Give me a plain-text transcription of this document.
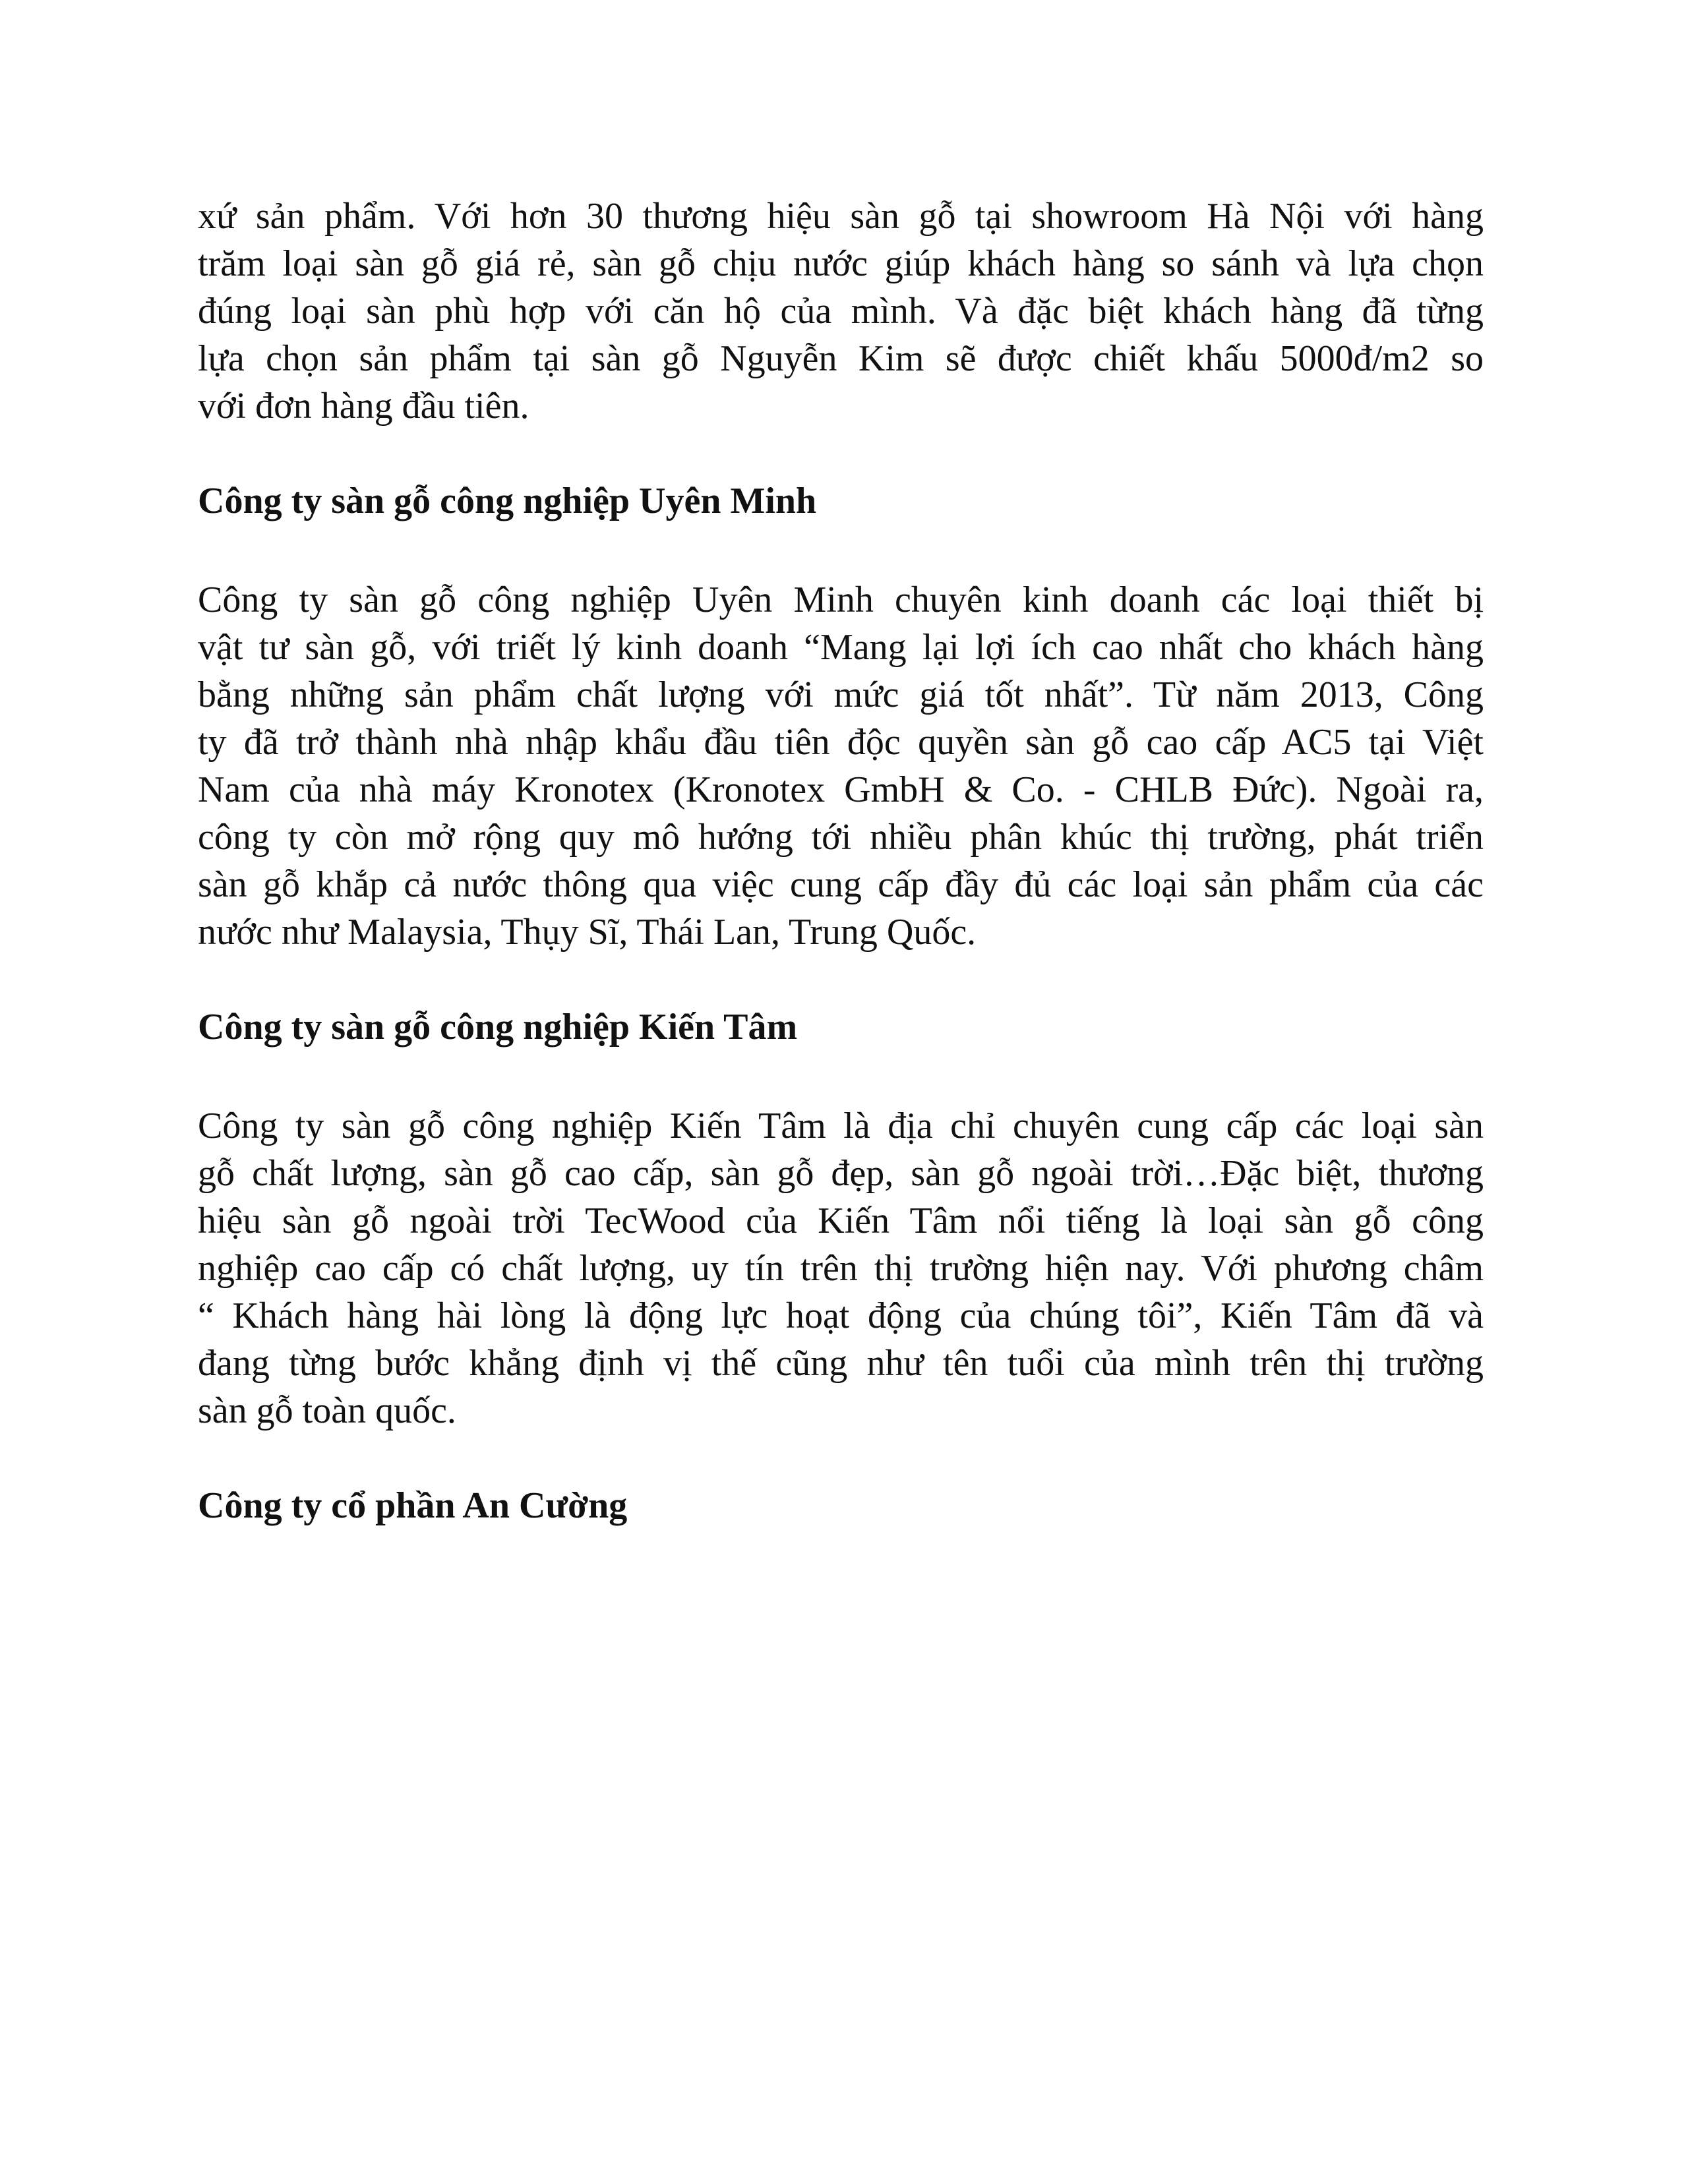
xứ sản phẩm. Với hơn 30 thương hiệu sàn gỗ tại showroom Hà Nội với hàng
trăm loại sàn gỗ giá rẻ, sàn gỗ chịu nước giúp khách hàng so sánh và lựa chọn
đúng loại sàn phù hợp với căn hộ của mình. Và đặc biệt khách hàng đã từng
lựa chọn sản phẩm tại sàn gỗ Nguyễn Kim sẽ được chiết khấu 5000đ/m2 so
với đơn hàng đầu tiên.
Công ty sàn gỗ công nghiệp Uyên Minh
Công ty sàn gỗ công nghiệp Uyên Minh chuyên kinh doanh các loại thiết bị
vật tư sàn gỗ, với triết lý kinh doanh “Mang lại lợi ích cao nhất cho khách hàng
bằng những sản phẩm chất lượng với mức giá tốt nhất”. Từ năm 2013, Công
ty đã trở thành nhà nhập khẩu đầu tiên độc quyền sàn gỗ cao cấp AC5 tại Việt
Nam của nhà máy Kronotex (Kronotex GmbH & Co. - CHLB Đức). Ngoài ra,
công ty còn mở rộng quy mô hướng tới nhiều phân khúc thị trường, phát triển
sàn gỗ khắp cả nước thông qua việc cung cấp đầy đủ các loại sản phẩm của các
nước như Malaysia, Thụy Sĩ, Thái Lan, Trung Quốc.
Công ty sàn gỗ công nghiệp Kiến Tâm
Công ty sàn gỗ công nghiệp Kiến Tâm là địa chỉ chuyên cung cấp các loại sàn
gỗ chất lượng, sàn gỗ cao cấp, sàn gỗ đẹp, sàn gỗ ngoài trời…Đặc biệt, thương
hiệu sàn gỗ ngoài trời TecWood của Kiến Tâm nổi tiếng là loại sàn gỗ công
nghiệp cao cấp có chất lượng, uy tín trên thị trường hiện nay. Với phương châm
“ Khách hàng hài lòng là động lực hoạt động của chúng tôi”, Kiến Tâm đã và
đang từng bước khẳng định vị thế cũng như tên tuổi của mình trên thị trường
sàn gỗ toàn quốc.
Công ty cổ phần An Cường
